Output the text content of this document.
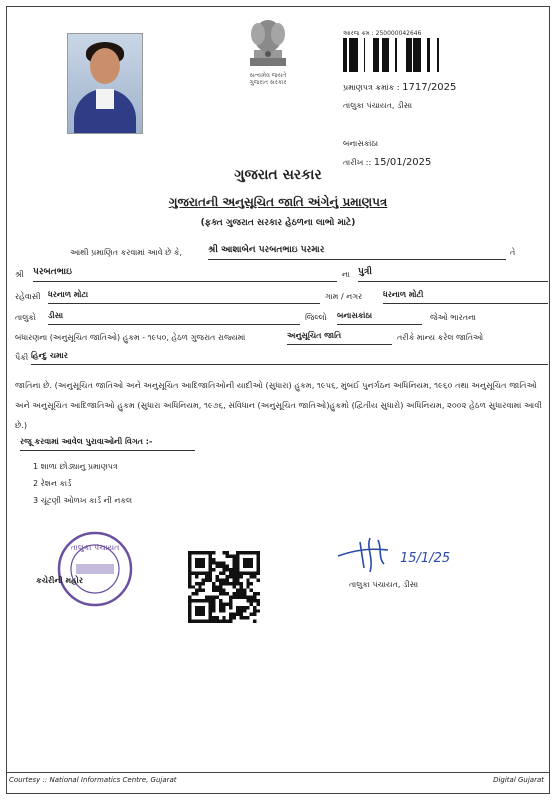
સત્યમેવ જયતે
ગુજરાત સરકાર
આરજ ક્રમ : 250000042646
પ્રમાણપત્ર ક્રમાંક : 1717/2025
તાલુકા પંચાયત, ડીસા
બનાસકાંઠા
તારીખ :: 15/01/2025
ગુજરાત સરકાર
ગુજરાતની અનુસૂચિત જાતિ અંગેનું પ્રમાણપત્ર
(ફક્ત ગુજરાત સરકાર હેઠળના લાભો માટે)
આથી પ્રમાણિત કરવામાં આવે છે કે,	શ્રી આશાબેન પરબતભાઇ પરમાર	તે
શ્રી પરબતભાઇ	ના પુત્રી
રહેવાસી ધરનાળ મોટા	ગામ / નગર	ધરનાળ મોટી
તાલુકો ડીસા	જિલ્લો બનાસકાંઠા	જેઓ ભારતના
બંધારણના (અનુસૂચિત જાતિઓ) હુકમ - ૧૯૫૦, હેઠળ ગુજરાત રાજ્યમાં	અનુસૂચિત જાતિ	તરીકે માન્ય કરેલ જાતિઓ
પૈકી હિન્દુ ચમાર
જાતિના છે. (અનુસૂચિત જાતિઓ અને અનુસૂચિત આદિજાતિઓની યાદીઓ (સુધારા) હુકમ, ૧૯૫૬, મુંબઈ પુનર્ગઠન અધિનિયમ, ૧૯૬૦ તથા અનુસૂચિત જાતિઓ અને અનુસૂચિત આદિજાતિઓ હુકમ (સુધારા અધિનિયમ, ૧૯૭૬, સંવિધાન (અનુસૂચિત જાતિઓ)હુકમો (દ્વિતીય સુધારો) અધિનિયમ, ૨૦૦૨ હેઠળ સુધારવામાં આવી છે.)
રજૂ કરવામાં આવેલ પુરાવાઓની વિગત :-
1 શાળા છોડ્યાનુ પ્રમાણપત્ર
2 રેશન કાર્ડ
3 ચૂંટણી ઓળખ કાર્ડ ની નકલ
તાલુકા પંચાયત
કચેરીની મહોર
15/1/25
તાલુકા પંચાયત, ડીસા
Courtesy :: National Informatics Centre, Gujarat	Digital Gujarat
